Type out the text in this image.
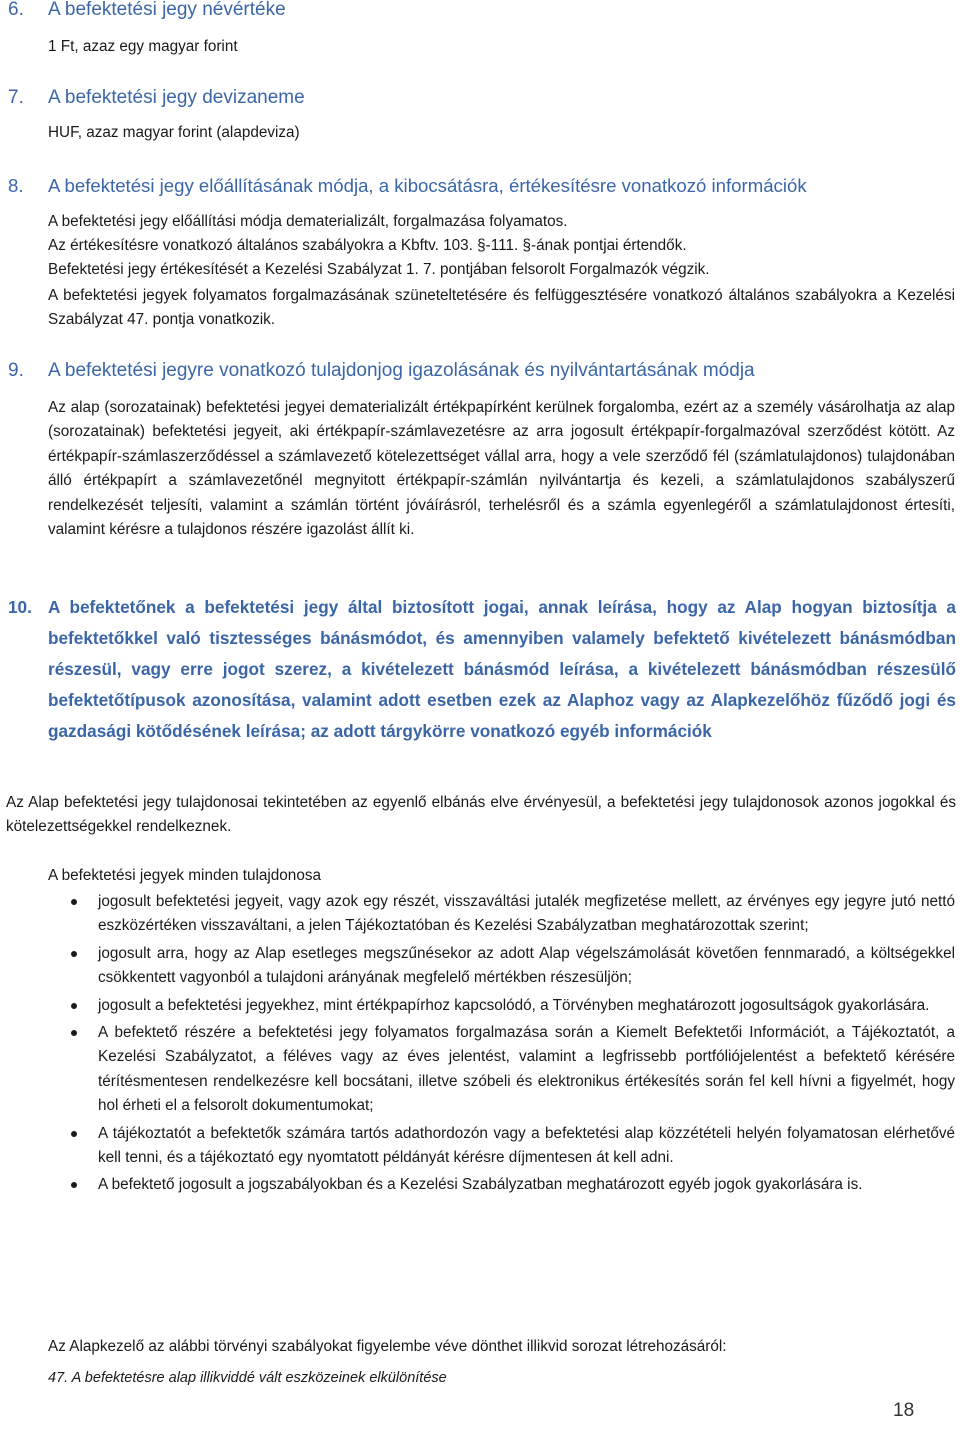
6. A befektetési jegy névértéke
1 Ft, azaz egy magyar forint
7. A befektetési jegy devizaneme
HUF, azaz magyar forint (alapdeviza)
8. A befektetési jegy előállításának módja, a kibocsátásra, értékesítésre vonatkozó információk
A befektetési jegy előállítási módja dematerializált, forgalmazása folyamatos.
Az értékesítésre vonatkozó általános szabályokra a Kbftv. 103. §-111. §-ának pontjai értendők.
Befektetési jegy értékesítését a Kezelési Szabályzat 1. 7. pontjában felsorolt Forgalmazók végzik.

A befektetési jegyek folyamatos forgalmazásának szüneteltetésére és felfüggesztésére vonatkozó általános szabályokra a Kezelési Szabályzat 47. pontja vonatkozik.

9. A befektetési jegyre vonatkozó tulajdonjog igazolásának és nyilvántartásának módja

Az alap (sorozatainak) befektetési jegyei dematerializált értékpapírként kerülnek forgalomba, ezért az a személy vásárolhatja az alap (sorozatainak) befektetési jegyeit, aki értékpapír-számlavezetésre az arra jogosult értékpapír-forgalmazóval szerződést kötött. Az értékpapír-számlaszerződéssel a számlavezető kötelezettséget vállal arra, hogy a vele szerződő fél (számlatulajdonos) tulajdonában álló értékpapírt a számlavezetőnél megnyitott értékpapír-számlán nyilvántartja és kezeli, a számlatulajdonos szabályszerű rendelkezését teljesíti, valamint a számlán történt jóváírásról, terhelésről és a számla egyenlegéről a számlatulajdonost értesíti, valamint kérésre a tulajdonos részére igazolást állít ki.

10. A befektetőnek a befektetési jegy által biztosított jogai, annak leírása, hogy az Alap hogyan biztosítja a befektetőkkel való tisztességes bánásmódot, és amennyiben valamely befektető kivételezett bánásmódban részesül, vagy erre jogot szerez, a kivételezett bánásmód leírása, a kivételezett bánásmódban részesülő befektetőtípusok azonosítása, valamint adott esetben ezek az Alaphoz vagy az Alapkezelőhöz fűződő jogi és gazdasági kötődésének leírása; az adott tárgykörre vonatkozó egyéb információk

Az Alap befektetési jegy tulajdonosai tekintetében az egyenlő elbánás elve érvényesül, a befektetési jegy tulajdonosok azonos jogokkal és kötelezettségekkel rendelkeznek.

A befektetési jegyek minden tulajdonosa
jogosult befektetési jegyeit, vagy azok egy részét, visszaváltási jutalék megfizetése mellett, az érvényes egy jegyre jutó nettó eszközértéken visszaváltani, a jelen Tájékoztatóban és Kezelési Szabályzatban meghatározottak szerint;
jogosult arra, hogy az Alap esetleges megszűnésekor az adott Alap végelszámolását követően fennmaradó, a költségekkel csökkentett vagyonból a tulajdoni arányának megfelelő mértékben részesüljön;
jogosult a befektetési jegyekhez, mint értékpapírhoz kapcsolódó, a Törvényben meghatározott jogosultságok gyakorlására.
A befektető részére a befektetési jegy folyamatos forgalmazása során a Kiemelt Befektetői Információt, a Tájékoztatót, a Kezelési Szabályzatot, a féléves vagy az éves jelentést, valamint a legfrissebb portfóliójelentést a befektető kérésére térítésmentesen rendelkezésre kell bocsátani, illetve szóbeli és elektronikus értékesítés során fel kell hívni a figyelmét, hogy hol érheti el a felsorolt dokumentumokat;
A tájékoztatót a befektetők számára tartós adathordozón vagy a befektetési alap közzétételi helyén folyamatosan elérhetővé kell tenni, és a tájékoztató egy nyomtatott példányát kérésre díjmentesen át kell adni.
A befektető jogosult a jogszabályokban és a Kezelési Szabályzatban meghatározott egyéb jogok gyakorlására is.
Az Alapkezelő az alábbi törvényi szabályokat figyelembe véve dönthet illikvid sorozat létrehozásáról:
47. A befektetésre alap illikviddé vált eszközeinek elkülönítése
18
